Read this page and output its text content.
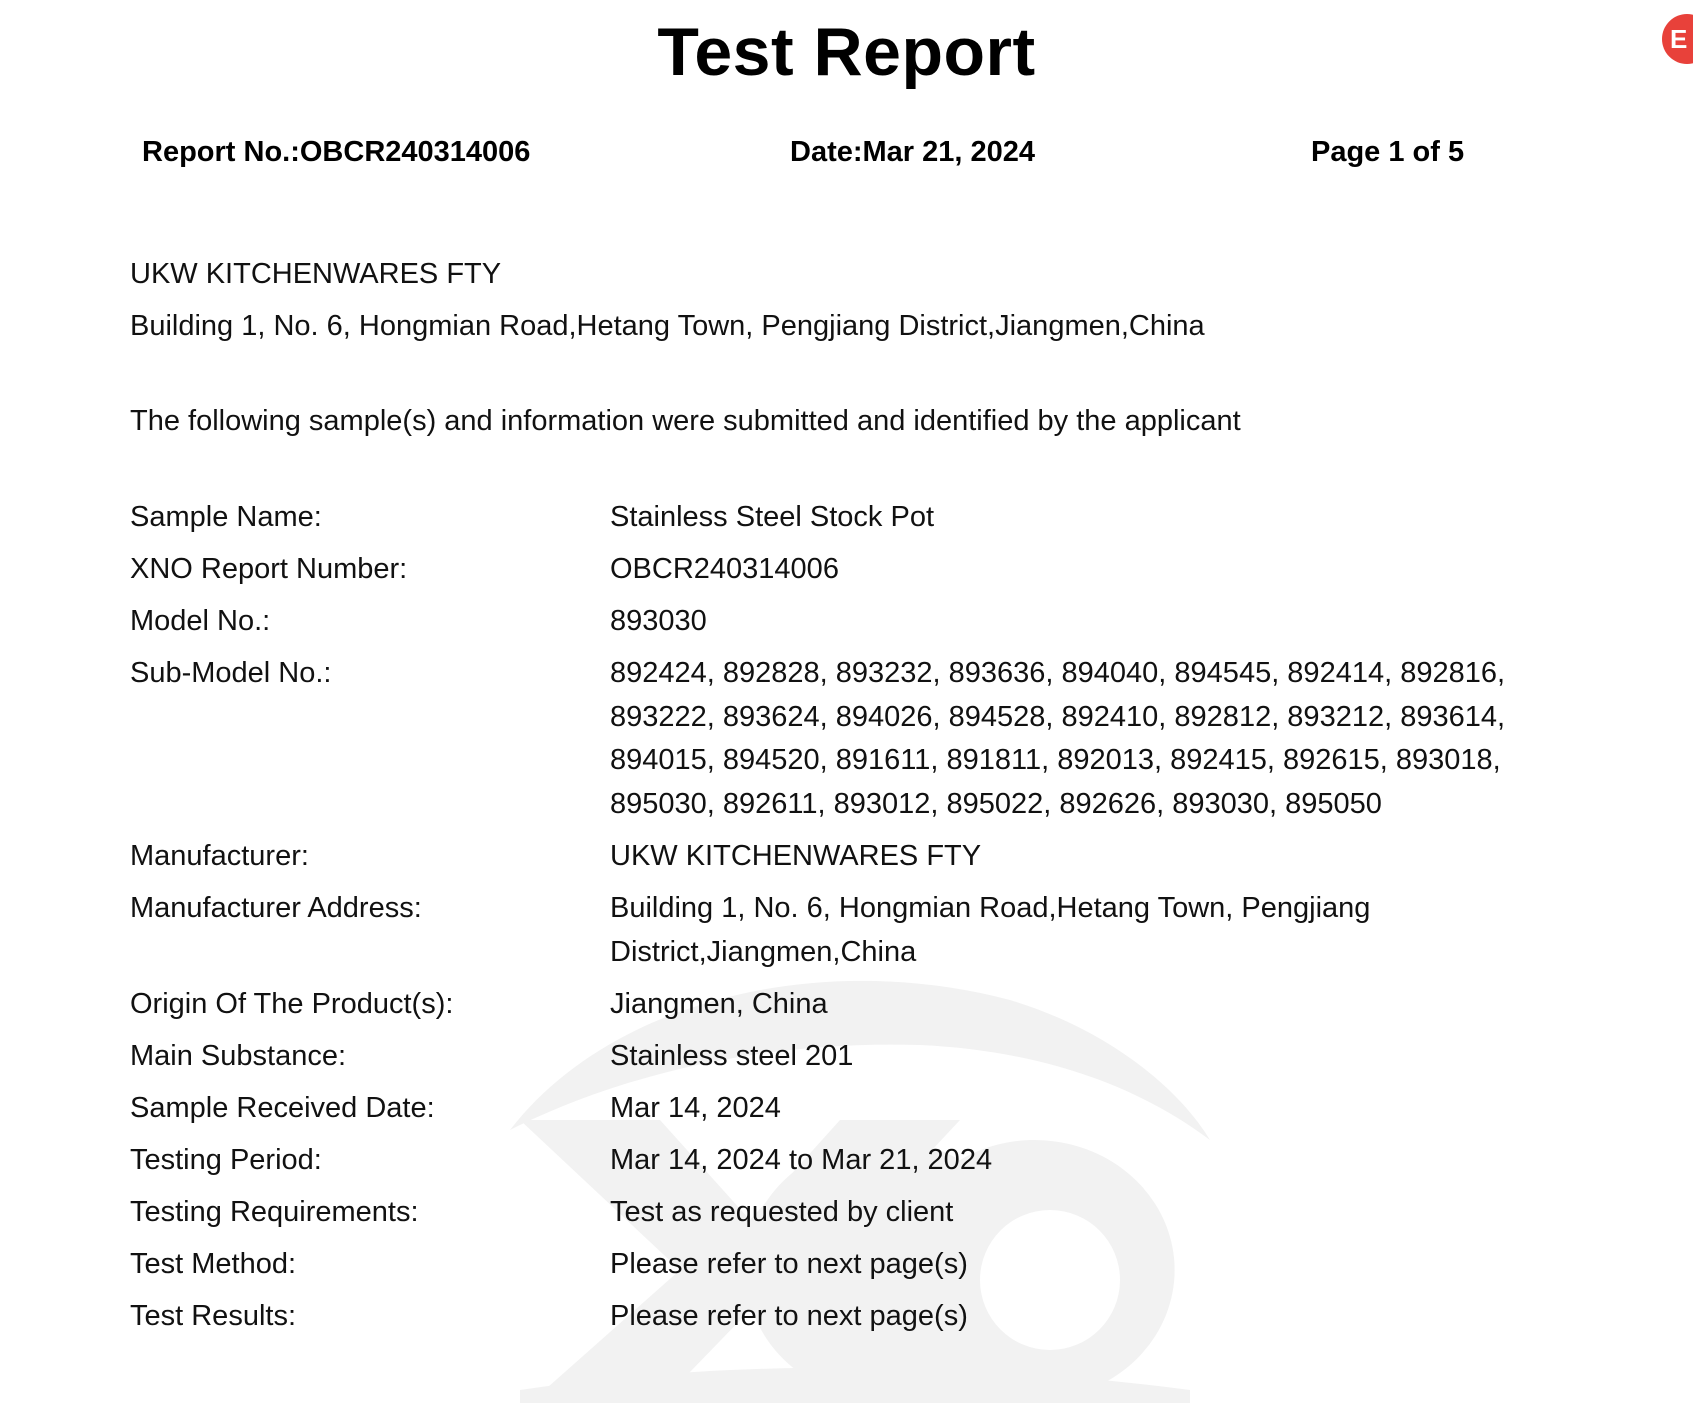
E
Test Report
Report No.:OBCR240314006	Date:Mar 21, 2024	Page 1 of 5
UKW KITCHENWARES FTY
Building 1, No. 6, Hongmian Road,Hetang Town, Pengjiang District,Jiangmen,China
The following sample(s) and information were submitted and identified by the applicant
Sample Name:	Stainless Steel Stock Pot
XNO Report Number:	OBCR240314006
Model No.:	893030
Sub-Model No.:	892424, 892828, 893232, 893636, 894040, 894545, 892414, 892816, 893222, 893624, 894026, 894528, 892410, 892812, 893212, 893614, 894015, 894520, 891611, 891811, 892013, 892415, 892615, 893018, 895030, 892611, 893012, 895022, 892626, 893030, 895050
Manufacturer:	UKW KITCHENWARES FTY
Manufacturer Address:	Building 1, No. 6, Hongmian Road,Hetang Town, Pengjiang District,Jiangmen,China
Origin Of The Product(s):	Jiangmen, China
Main Substance:	Stainless steel 201
Sample Received Date:	Mar 14, 2024
Testing Period:	Mar 14, 2024 to Mar 21, 2024
Testing Requirements:	Test as requested by client
Test Method:	Please refer to next page(s)
Test Results:	Please refer to next page(s)
